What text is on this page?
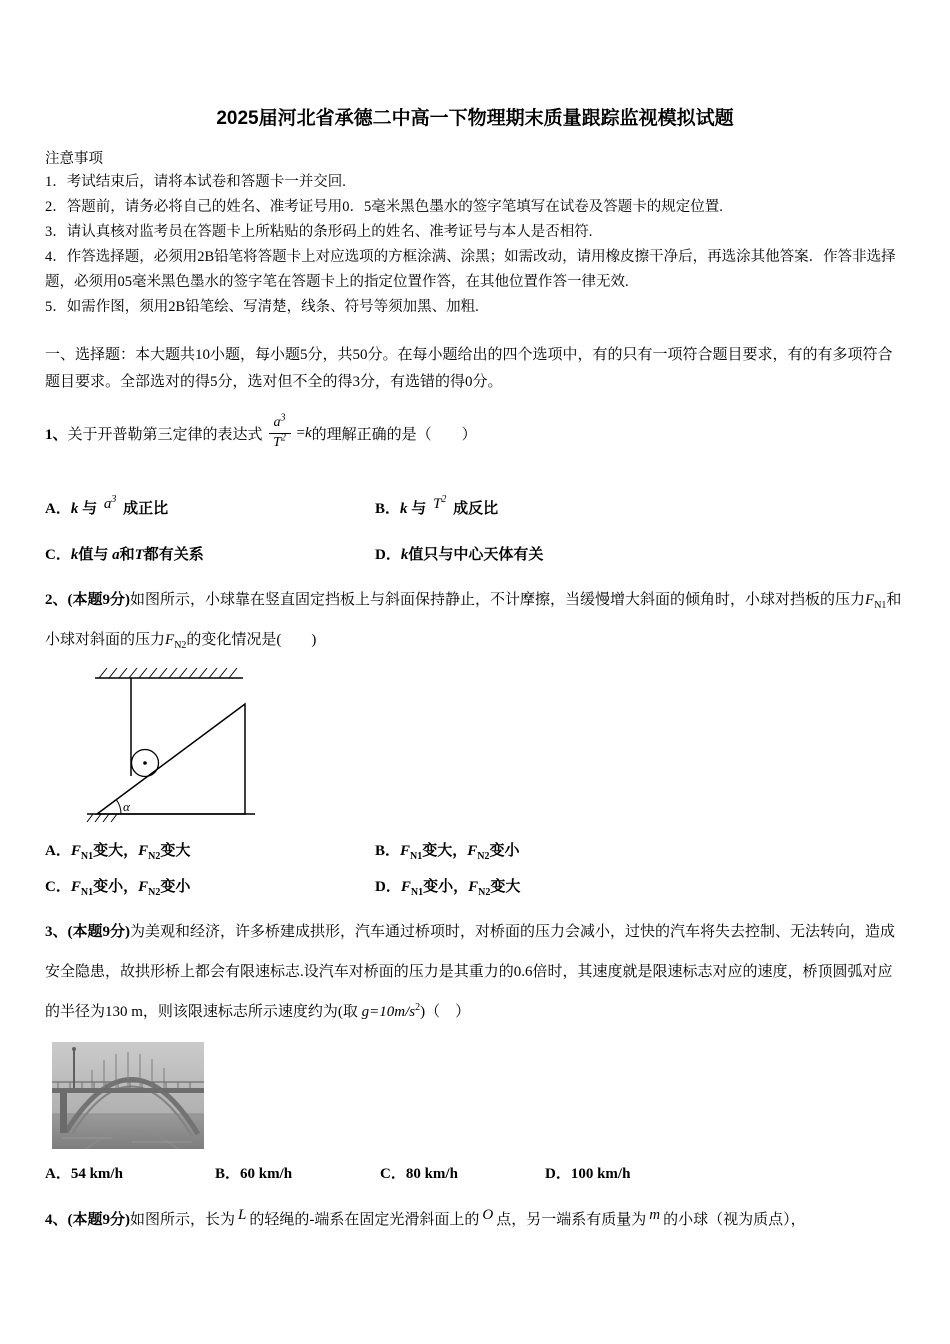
2025届河北省承德二中高一下物理期末质量跟踪监视模拟试题
注意事项
1．考试结束后，请将本试卷和答题卡一并交回.
2．答题前，请务必将自己的姓名、准考证号用0．5毫米黑色墨水的签字笔填写在试卷及答题卡的规定位置.
3．请认真核对监考员在答题卡上所粘贴的条形码上的姓名、准考证号与本人是否相符.
4．作答选择题，必须用2B铅笔将答题卡上对应选项的方框涂满、涂黑；如需改动，请用橡皮擦干净后，再选涂其他答案．作答非选择题，必须用05毫米黑色墨水的签字笔在答题卡上的指定位置作答，在其他位置作答一律无效.
5．如需作图，须用2B铅笔绘、写清楚，线条、符号等须加黑、加粗.
一、选择题：本大题共10小题，每小题5分，共50分。在每小题给出的四个选项中，有的只有一项符合题目要求，有的有多项符合题目要求。全部选对的得5分，选对但不全的得3分，有选错的得0分。
1、 关于开普勒第三定律的表达式 $\frac{a^3}{T^2} = k$ 的理解正确的是（　　）
A．k 与 $a^3$ 成正比	B．k 与 $T^2$ 成反比
C．k值与 a和T都有关系	D．k值只与中心天体有关

2、(本题9分)如图所示，小球靠在竖直固定挡板上与斜面保持静止，不计摩擦，当缓慢增大斜面的倾角时，小球对挡板的压力$F_{N1}$和小球对斜面的压力$F_{N2}$的变化情况是(　　)

α
A．$F_{N1}$变大，$F_{N2}$变大	B．$F_{N1}$变大，$F_{N2}$变小
C．$F_{N1}$变小，$F_{N2}$变小	D．$F_{N1}$变小，$F_{N2}$变大

3、(本题9分)为美观和经济，许多桥建成拱形，汽车通过桥项时，对桥面的压力会减小，过快的汽车将失去控制、无法转向，造成安全隐患，故拱形桥上都会有限速标志.设汽车对桥面的压力是其重力的0.6倍时，其速度就是限速标志对应的速度，桥顶圆弧对应的半径为130 m，则该限速标志所示速度约为(取 $g=10m/s^2$)（　）

A．54 km/h	B．60 km/h	C．80 km/h	D．100 km/h

4、(本题9分)如图所示，长为 L 的轻绳的-端系在固定光滑斜面上的 O 点，另一端系有质量为 m 的小球（视为质点），
